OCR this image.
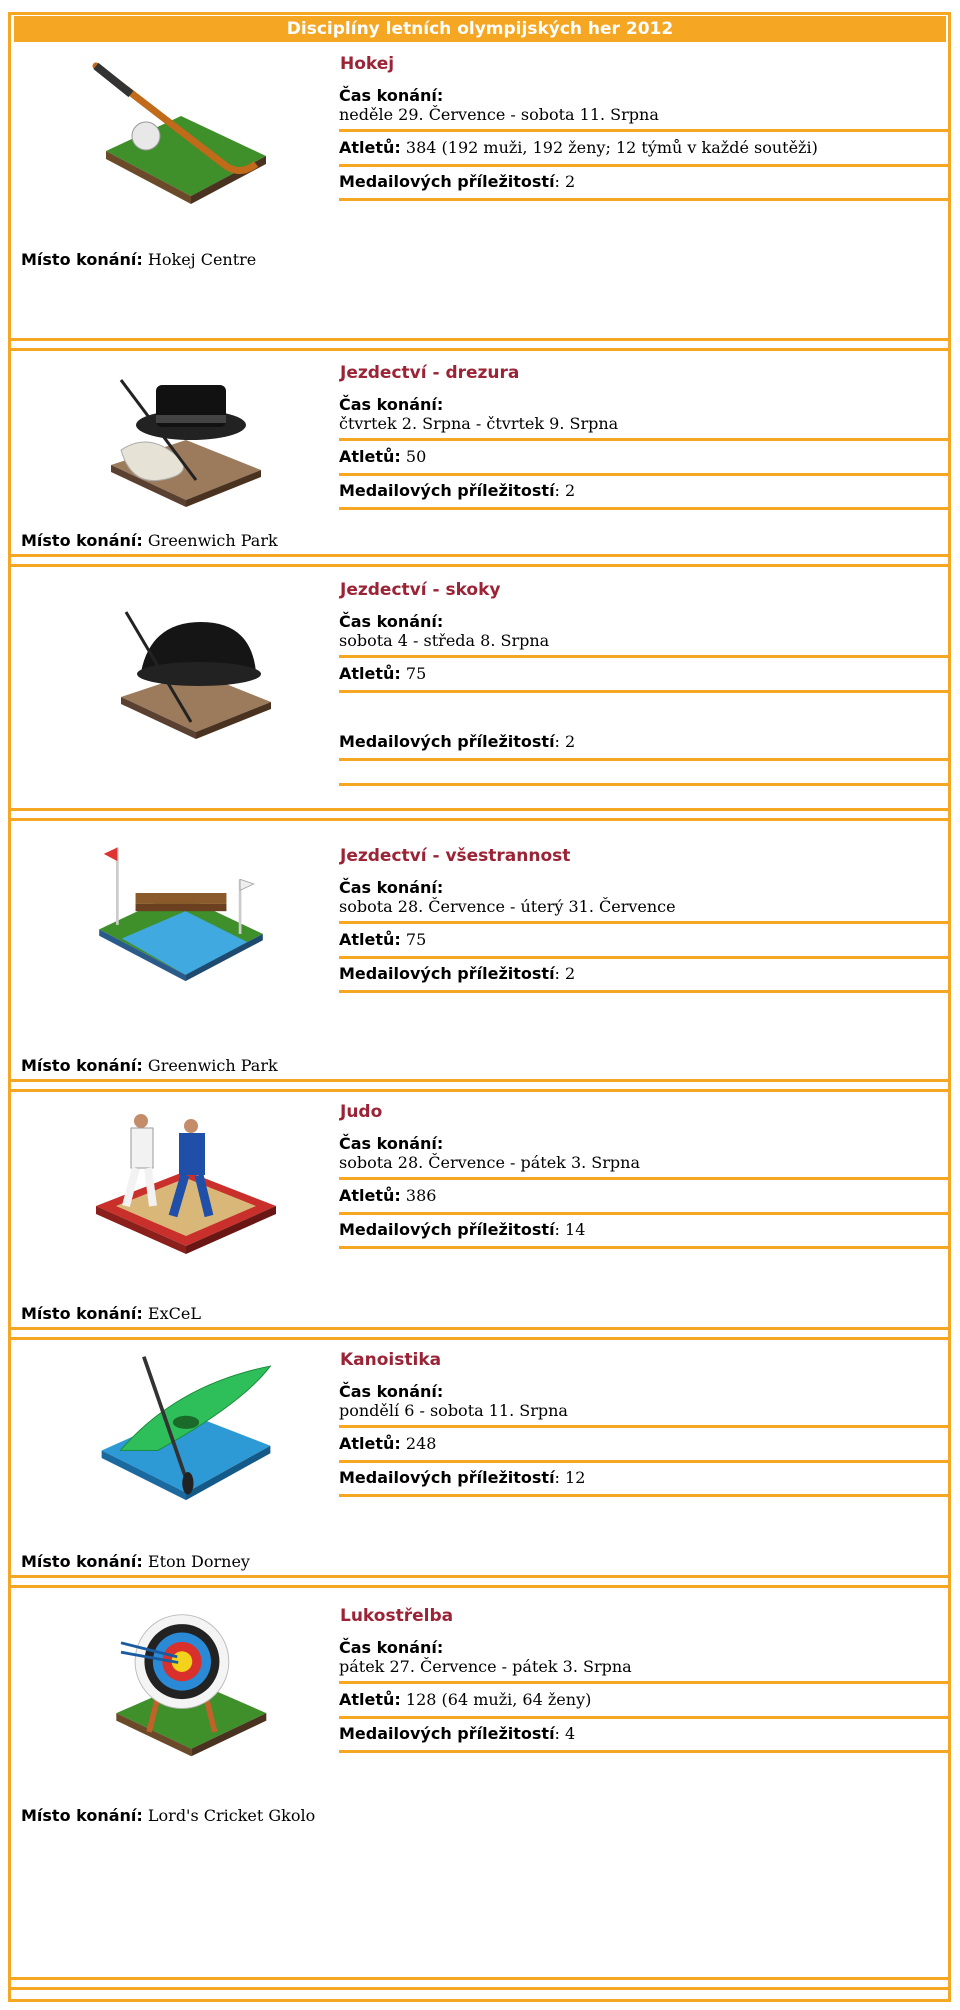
Disciplíny letních olympijských her 2012
Hokej
Čas konání:
neděle 29. Července - sobota 11. Srpna
Atletů: 384 (192 muži, 192 ženy; 12 týmů v každé soutěži)
Medailových příležitostí: 2
Místo konání: Hokej Centre
Jezdectví - drezura
Čas konání:
čtvrtek 2. Srpna - čtvrtek 9. Srpna
Atletů: 50
Medailových příležitostí: 2
Místo konání: Greenwich Park
Jezdectví - skoky
Čas konání:
sobota 4 - středa 8. Srpna
Atletů: 75
Medailových příležitostí: 2
Jezdectví - všestrannost
Čas konání:
sobota 28. Července - úterý 31. Července
Atletů: 75
Medailových příležitostí: 2
Místo konání: Greenwich Park
Judo
Čas konání:
sobota 28. Července - pátek 3. Srpna
Atletů: 386
Medailových příležitostí: 14
Místo konání: ExCeL
Kanoistika
Čas konání:
pondělí 6 - sobota 11. Srpna
Atletů: 248
Medailových příležitostí: 12
Místo konání: Eton Dorney
Lukostřelba
Čas konání:
pátek 27. Července - pátek 3. Srpna
Atletů: 128 (64 muži, 64 ženy)
Medailových příležitostí: 4
Místo konání: Lord's Cricket Gkolo
